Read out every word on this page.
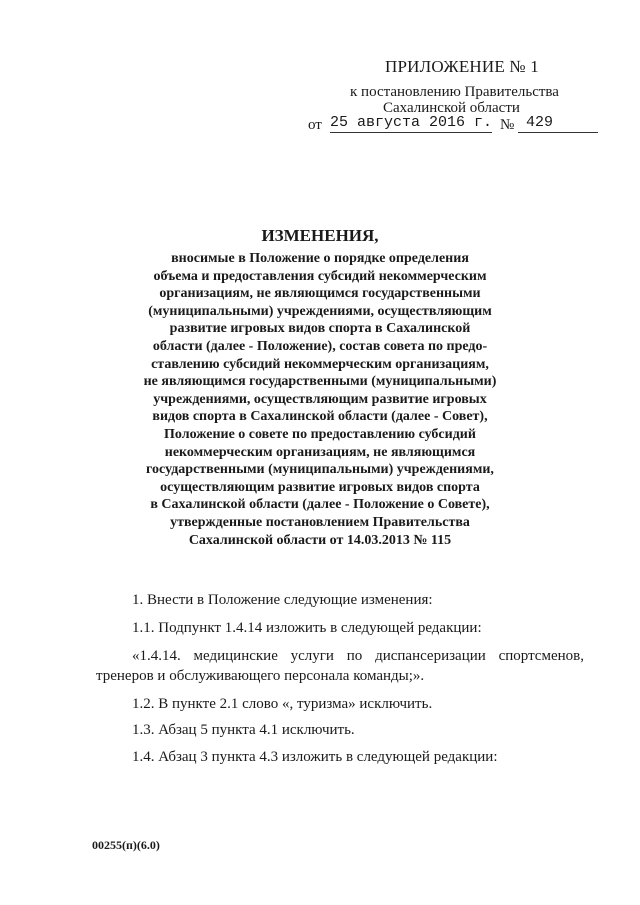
ПРИЛОЖЕНИЕ № 1
к постановлению Правительства
Сахалинской области
от 25 августа 2016 г. № 429
ИЗМЕНЕНИЯ,
вносимые в Положение о порядке определения
объема и предоставления субсидий некоммерческим
организациям, не являющимся государственными
(муниципальными) учреждениями, осуществляющим
развитие игровых видов спорта в Сахалинской
области (далее - Положение), состав совета по предо-
ставлению субсидий некоммерческим организациям,
не являющимся государственными (муниципальными)
учреждениями, осуществляющим развитие игровых
видов спорта в Сахалинской области (далее - Совет),
Положение о совете по предоставлению субсидий
некоммерческим организациям, не являющимся
государственными (муниципальными) учреждениями,
осуществляющим развитие игровых видов спорта
в Сахалинской области (далее - Положение о Совете),
утвержденные постановлением Правительства
Сахалинской области от 14.03.2013 № 115
1. Внести в Положение следующие изменения:
1.1. Подпункт 1.4.14 изложить в следующей редакции:
«1.4.14. медицинские услуги по диспансеризации спортсменов,
тренеров и обслуживающего персонала команды;».
1.2. В пункте 2.1 слово «, туризма» исключить.
1.3. Абзац 5 пункта 4.1 исключить.
1.4. Абзац 3 пункта 4.3 изложить в следующей редакции:
00255(п)(6.0)
